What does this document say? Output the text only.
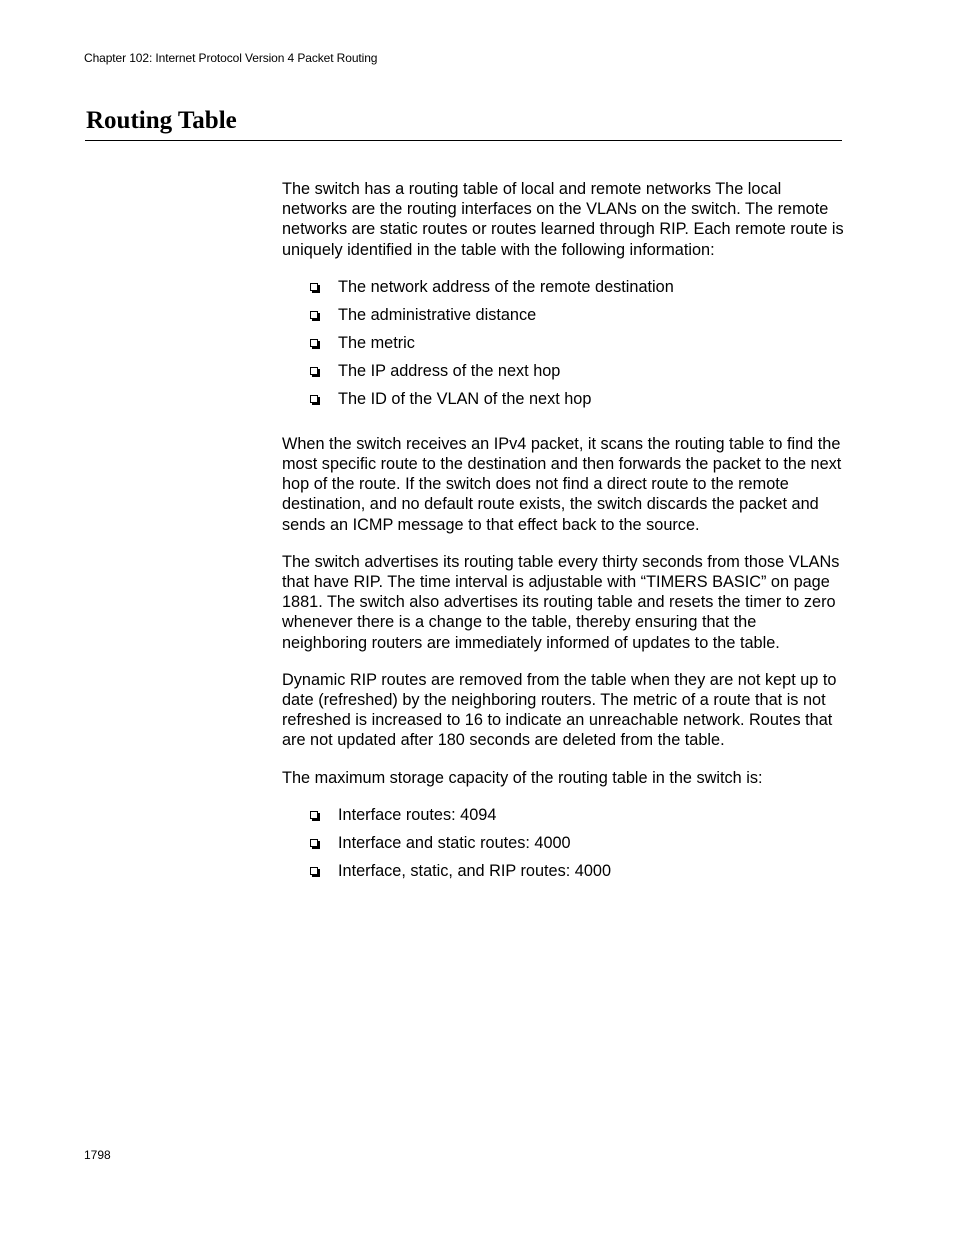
Chapter 102: Internet Protocol Version 4 Packet Routing
Routing Table

The switch has a routing table of local and remote networks The local networks are the routing interfaces on the VLANs on the switch. The remote networks are static routes or routes learned through RIP. Each remote route is uniquely identified in the table with the following information:

The network address of the remote destination
The administrative distance
The metric
The IP address of the next hop
The ID of the VLAN of the next hop

When the switch receives an IPv4 packet, it scans the routing table to find the most specific route to the destination and then forwards the packet to the next hop of the route. If the switch does not find a direct route to the remote destination, and no default route exists, the switch discards the packet and sends an ICMP message to that effect back to the source.

The switch advertises its routing table every thirty seconds from those VLANs that have RIP. The time interval is adjustable with “TIMERS BASIC” on page 1881. The switch also advertises its routing table and resets the timer to zero whenever there is a change to the table, thereby ensuring that the neighboring routers are immediately informed of updates to the table.

Dynamic RIP routes are removed from the table when they are not kept up to date (refreshed) by the neighboring routers. The metric of a route that is not refreshed is increased to 16 to indicate an unreachable network. Routes that are not updated after 180 seconds are deleted from the table.

The maximum storage capacity of the routing table in the switch is:

Interface routes: 4094
Interface and static routes: 4000
Interface, static, and RIP routes: 4000
1798
